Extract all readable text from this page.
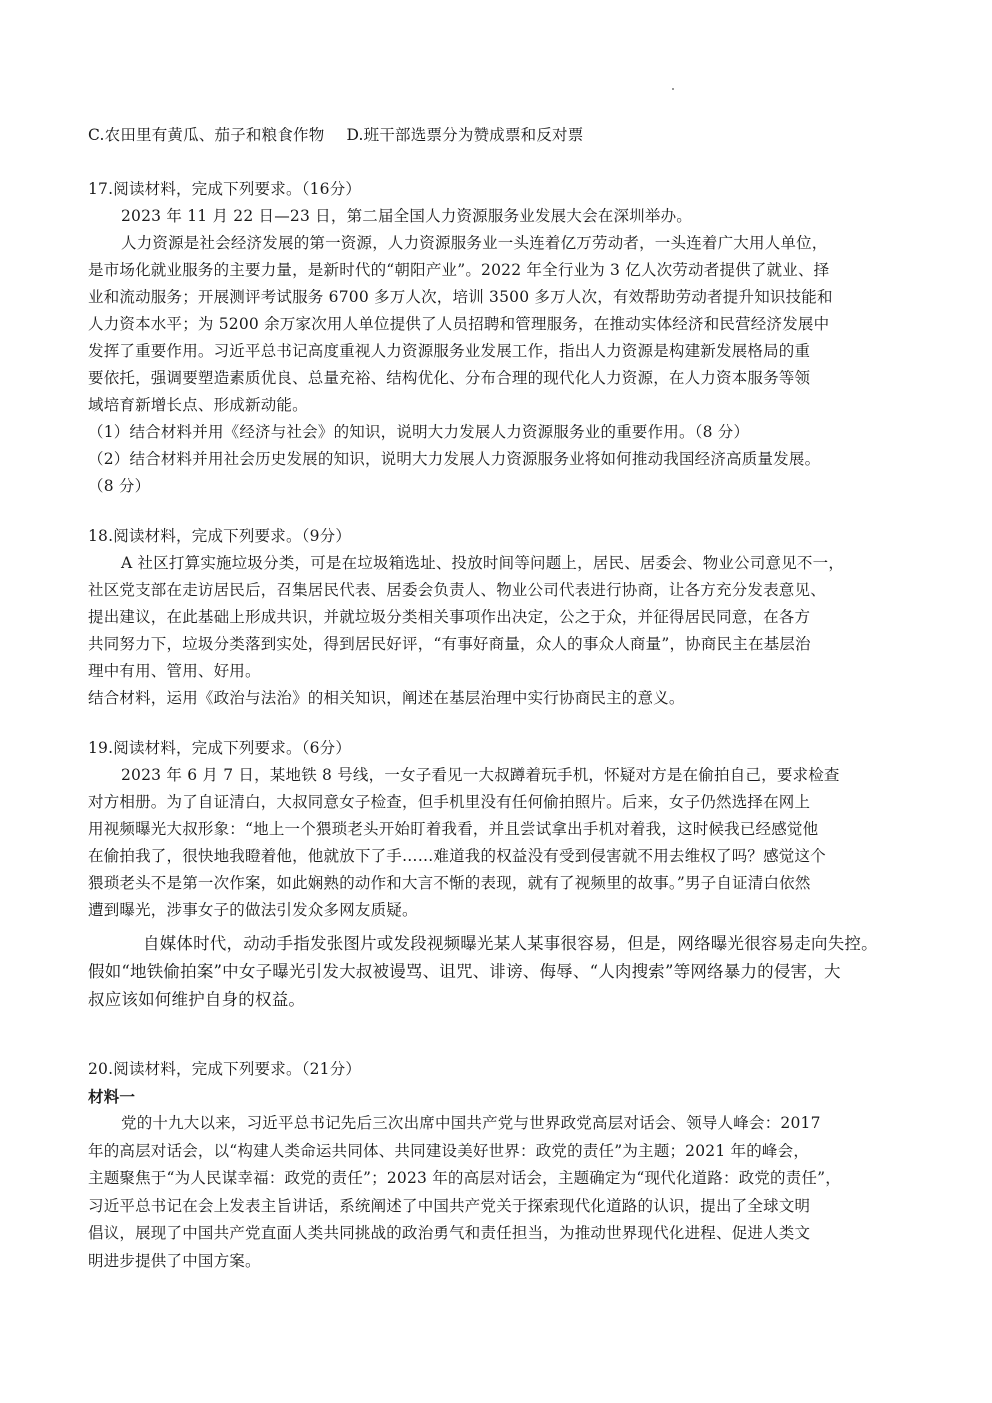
C.农田里有黄瓜、茄子和粮食作物 D.班干部选票分为赞成票和反对票
17.阅读材料，完成下列要求。（16分）
2023 年 11 月 22 日—23 日，第二届全国人力资源服务业发展大会在深圳举办。
人力资源是社会经济发展的第一资源，人力资源服务业一头连着亿万劳动者，一头连着广大用人单位，
是市场化就业服务的主要力量，是新时代的“朝阳产业”。2022 年全行业为 3 亿人次劳动者提供了就业、择
业和流动服务；开展测评考试服务 6700 多万人次，培训 3500 多万人次，有效帮助劳动者提升知识技能和
人力资本水平；为 5200 余万家次用人单位提供了人员招聘和管理服务，在推动实体经济和民营经济发展中
发挥了重要作用。习近平总书记高度重视人力资源服务业发展工作，指出人力资源是构建新发展格局的重
要依托，强调要塑造素质优良、总量充裕、结构优化、分布合理的现代化人力资源，在人力资本服务等领
域培育新增长点、形成新动能。
（1）结合材料并用《经济与社会》的知识，说明大力发展人力资源服务业的重要作用。（8 分）
（2）结合材料并用社会历史发展的知识，说明大力发展人力资源服务业将如何推动我国经济高质量发展。
（8 分）
18.阅读材料，完成下列要求。（9分）
A 社区打算实施垃圾分类，可是在垃圾箱选址、投放时间等问题上，居民、居委会、物业公司意见不一，
社区党支部在走访居民后，召集居民代表、居委会负责人、物业公司代表进行协商，让各方充分发表意见、
提出建议，在此基础上形成共识，并就垃圾分类相关事项作出决定，公之于众，并征得居民同意，在各方
共同努力下，垃圾分类落到实处，得到居民好评，“有事好商量，众人的事众人商量”，协商民主在基层治
理中有用、管用、好用。
结合材料，运用《政治与法治》的相关知识，阐述在基层治理中实行协商民主的意义。
19.阅读材料，完成下列要求。（6分）
2023 年 6 月 7 日，某地铁 8 号线，一女子看见一大叔蹲着玩手机，怀疑对方是在偷拍自己，要求检查
对方相册。为了自证清白，大叔同意女子检查，但手机里没有任何偷拍照片。后来，女子仍然选择在网上
用视频曝光大叔形象：“地上一个猥琐老头开始盯着我看，并且尝试拿出手机对着我，这时候我已经感觉他
在偷拍我了，很快地我瞪着他，他就放下了手……难道我的权益没有受到侵害就不用去维权了吗？感觉这个
猥琐老头不是第一次作案，如此娴熟的动作和大言不惭的表现，就有了视频里的故事。”男子自证清白依然
遭到曝光，涉事女子的做法引发众多网友质疑。
自媒体时代，动动手指发张图片或发段视频曝光某人某事很容易，但是，网络曝光很容易走向失控。
假如“地铁偷拍案”中女子曝光引发大叔被谩骂、诅咒、诽谤、侮辱、“人肉搜索”等网络暴力的侵害，大
叔应该如何维护自身的权益。
20.阅读材料，完成下列要求。（21分）
材料一
党的十九大以来，习近平总书记先后三次出席中国共产党与世界政党高层对话会、领导人峰会：2017
年的高层对话会，以“构建人类命运共同体、共同建设美好世界：政党的责任”为主题；2021 年的峰会，
主题聚焦于“为人民谋幸福：政党的责任”；2023 年的高层对话会，主题确定为“现代化道路：政党的责任”，
习近平总书记在会上发表主旨讲话，系统阐述了中国共产党关于探索现代化道路的认识，提出了全球文明
倡议，展现了中国共产党直面人类共同挑战的政治勇气和责任担当，为推动世界现代化进程、促进人类文
明进步提供了中国方案。
